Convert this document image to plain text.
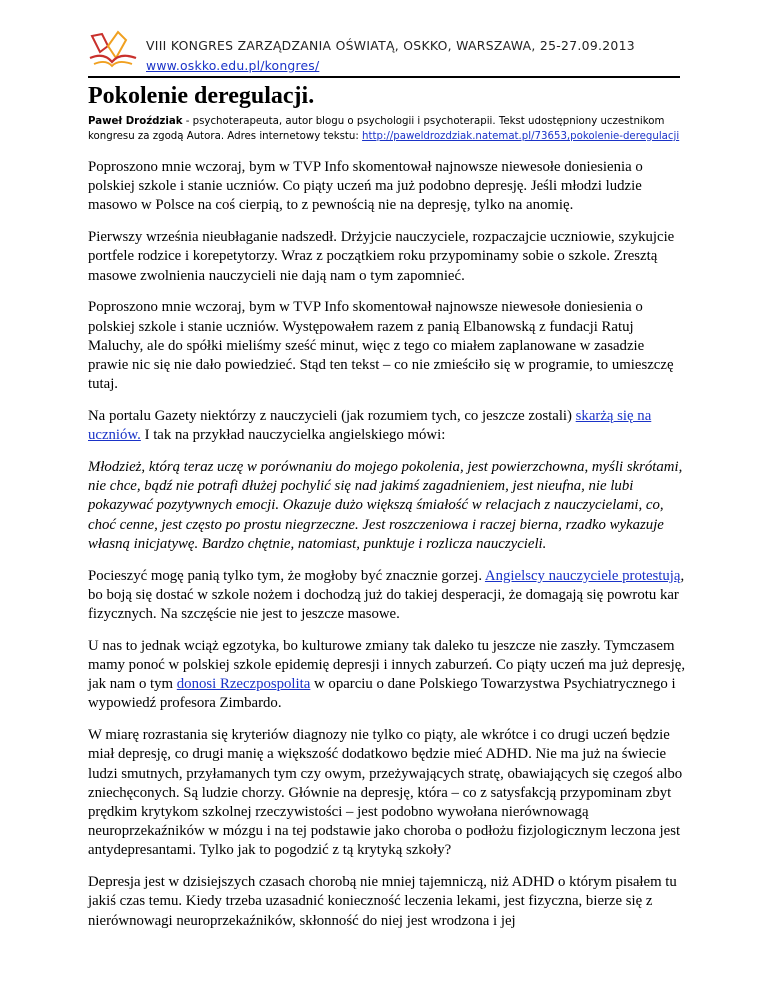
VIII KONGRES ZARZĄDZANIA OŚWIATĄ, OSKKO, WARSZAWA, 25-27.09.2013
www.oskko.edu.pl/kongres/
Pokolenie deregulacji.
Paweł Droździak - psychoterapeuta, autor blogu o psychologii i psychoterapii. Tekst udostępniony uczestnikom kongresu za zgodą Autora. Adres internetowy tekstu: http://paweldrozdziak.natemat.pl/73653,pokolenie-deregulacji

Poproszono mnie wczoraj, bym w TVP Info skomentował najnowsze niewesołe doniesienia o polskiej szkole i stanie uczniów. Co piąty uczeń ma już podobno depresję. Jeśli młodzi ludzie masowo w Polsce na coś cierpią, to z pewnością nie na depresję, tylko na anomię.

Pierwszy września nieubłaganie nadszedł. Drżyjcie nauczyciele, rozpaczajcie uczniowie, szykujcie portfele rodzice i korepetytorzy. Wraz z początkiem roku przypominamy sobie o szkole. Zresztą masowe zwolnienia nauczycieli nie dają nam o tym zapomnieć.

Poproszono mnie wczoraj, bym w TVP Info skomentował najnowsze niewesołe doniesienia o polskiej szkole i stanie uczniów. Występowałem razem z panią Elbanowską z fundacji Ratuj Maluchy, ale do spółki mieliśmy sześć minut, więc z tego co miałem zaplanowane w zasadzie prawie nic się nie dało powiedzieć. Stąd ten tekst – co nie zmieściło się w programie, to umieszczę tutaj.

Na portalu Gazety niektórzy z nauczycieli (jak rozumiem tych, co jeszcze zostali) skarżą się na uczniów. I tak na przykład nauczycielka angielskiego mówi:

Młodzież, którą teraz uczę w porównaniu do mojego pokolenia, jest powierzchowna, myśli skrótami, nie chce, bądź nie potrafi dłużej pochylić się nad jakimś zagadnieniem, jest nieufna, nie lubi pokazywać pozytywnych emocji. Okazuje dużo większą śmiałość w relacjach z nauczycielami, co, choć cenne, jest często po prostu niegrzeczne. Jest roszczeniowa i raczej bierna, rzadko wykazuje własną inicjatywę. Bardzo chętnie, natomiast, punktuje i rozlicza nauczycieli.

Pocieszyć mogę panią tylko tym, że mogłoby być znacznie gorzej. Angielscy nauczyciele protestują, bo boją się dostać w szkole nożem i dochodzą już do takiej desperacji, że domagają się powrotu kar fizycznych. Na szczęście nie jest to jeszcze masowe.

U nas to jednak wciąż egzotyka, bo kulturowe zmiany tak daleko tu jeszcze nie zaszły. Tymczasem mamy ponoć w polskiej szkole epidemię depresji i innych zaburzeń. Co piąty uczeń ma już depresję, jak nam o tym donosi Rzeczpospolita w oparciu o dane Polskiego Towarzystwa Psychiatrycznego i wypowiedź profesora Zimbardo.

W miarę rozrastania się kryteriów diagnozy nie tylko co piąty, ale wkrótce i co drugi uczeń będzie miał depresję, co drugi manię a większość dodatkowo będzie mieć ADHD. Nie ma już na świecie ludzi smutnych, przyłamanych tym czy owym, przeżywających stratę, obawiających się czegoś albo zniechęconych. Są ludzie chorzy. Głównie na depresję, która – co z satysfakcją przypominam zbyt prędkim krytykom szkolnej rzeczywistości – jest podobno wywołana nierównowagą neuroprzekaźników w mózgu i na tej podstawie jako choroba o podłożu fizjologicznym leczona jest antydepresantami. Tylko jak to pogodzić z tą krytyką szkoły?

Depresja jest w dzisiejszych czasach chorobą nie mniej tajemniczą, niż ADHD o którym pisałem tu jakiś czas temu. Kiedy trzeba uzasadnić konieczność leczenia lekami, jest fizyczna, bierze się z nierównowagi neuroprzekaźników, skłonność do niej jest wrodzona i jej
